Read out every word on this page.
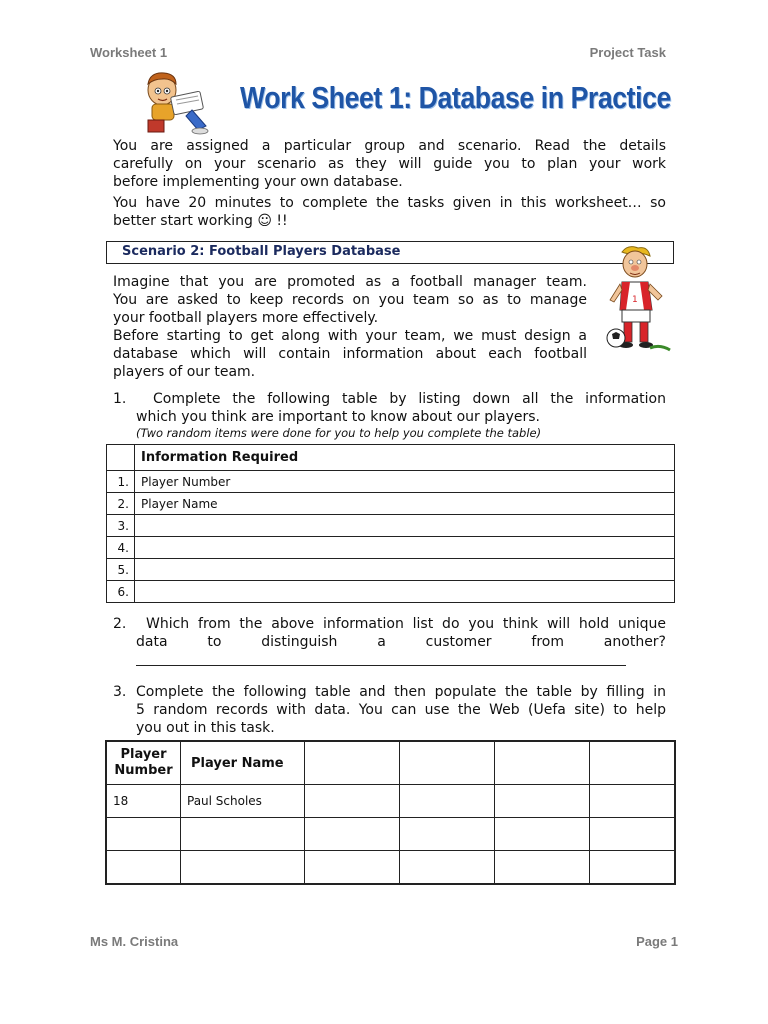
Worksheet 1	Project Task
Work Sheet 1: Database in Practice
You are assigned a particular group and scenario. Read the details
carefully on your scenario as they will guide you to plan your work
before implementing your own database.
You have 20 minutes to complete the tasks given in this worksheet… so
better start working ☺ !!
Scenario 2: Football Players Database
Imagine that you are promoted as a football manager team.
You are asked to keep records on you team so as to manage
your football players more effectively.
Before starting to get along with your team, we must design a
database which will contain information about each football
players of our team.
1
1.	Complete the following table by listing down all the information
which you think are important to know about our players.
(Two random items were done for you to help you complete the table)
	Information Required
1.	Player Number
2.	Player Name
3.	
4.	
5.	
6.	
2.	Which from the above information list do you think will hold unique
data to distinguish a customer from another?
3. Complete the following table and then populate the table by filling in
5 random records with data. You can use the Web (Uefa site) to help
you out in this task.
Player Number	Player Name				
18	Paul Scholes				

Ms M. Cristina	Page 1
